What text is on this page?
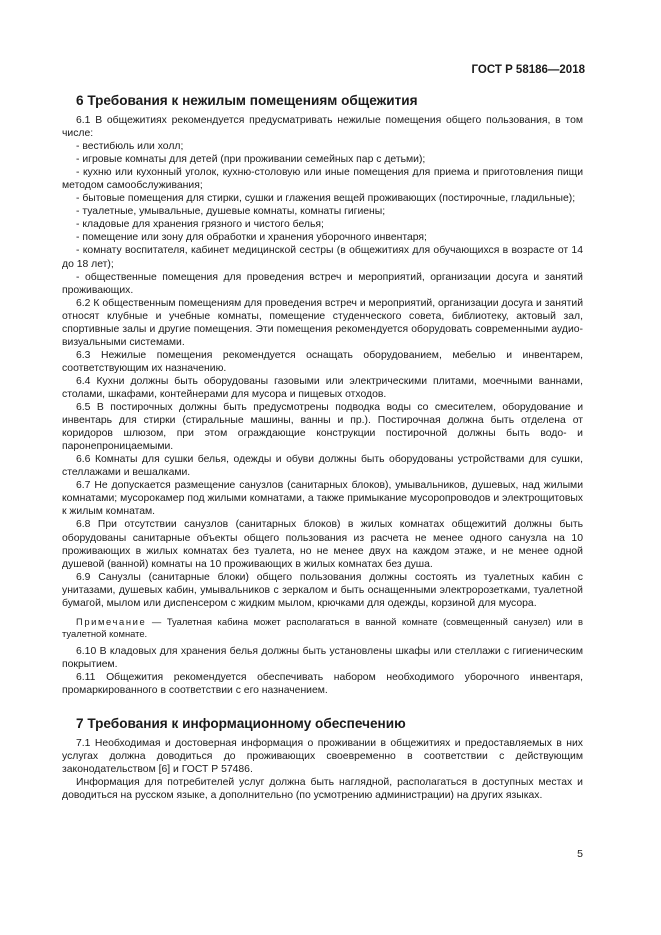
ГОСТ Р 58186—2018
6 Требования к нежилым помещениям общежития

6.1 В общежитиях рекомендуется предусматривать нежилые помещения общего пользования, в том числе:

- вестибюль или холл;

- игровые комнаты для детей (при проживании семейных пар с детьми);

- кухню или кухонный уголок, кухню-столовую или иные помещения для приема и приготовления пищи методом самообслуживания;

- бытовые помещения для стирки, сушки и глажения вещей проживающих (постирочные, гладильные);

- туалетные, умывальные, душевые комнаты, комнаты гигиены;

- кладовые для хранения грязного и чистого белья;

- помещение или зону для обработки и хранения уборочного инвентаря;

- комнату воспитателя, кабинет медицинской сестры (в общежитиях для обучающихся в возрасте от 14 до 18 лет);

- общественные помещения для проведения встреч и мероприятий, организации досуга и занятий проживающих.

6.2 К общественным помещениям для проведения встреч и мероприятий, организации досуга и занятий относят клубные и учебные комнаты, помещение студенческого совета, библиотеку, актовый зал, спортивные залы и другие помещения. Эти помещения рекомендуется оборудовать современными аудио-визуальными системами.

6.3 Нежилые помещения рекомендуется оснащать оборудованием, мебелью и инвентарем, соответствующим их назначению.

6.4 Кухни должны быть оборудованы газовыми или электрическими плитами, моечными ваннами, столами, шкафами, контейнерами для мусора и пищевых отходов.

6.5 В постирочных должны быть предусмотрены подводка воды со смесителем, оборудование и инвентарь для стирки (стиральные машины, ванны и пр.). Постирочная должна быть отделена от коридоров шлюзом, при этом ограждающие конструкции постирочной должны быть водо- и паронепроницаемыми.

6.6 Комнаты для сушки белья, одежды и обуви должны быть оборудованы устройствами для сушки, стеллажами и вешалками.

6.7 Не допускается размещение санузлов (санитарных блоков), умывальников, душевых, над жилыми комнатами; мусорокамер под жилыми комнатами, а также примыкание мусоропроводов и электрощитовых к жилым комнатам.

6.8 При отсутствии санузлов (санитарных блоков) в жилых комнатах общежитий должны быть оборудованы санитарные объекты общего пользования из расчета не менее одного санузла на 10 проживающих в жилых комнатах без туалета, но не менее двух на каждом этаже, и не менее одной душевой (ванной) комнаты на 10 проживающих в жилых комнатах без душа.

6.9 Санузлы (санитарные блоки) общего пользования должны состоять из туалетных кабин с унитазами, душевых кабин, умывальников с зеркалом и быть оснащенными электророзетками, туалетной бумагой, мылом или диспенсером с жидким мылом, крючками для одежды, корзиной для мусора.

Примечание — Туалетная кабина может располагаться в ванной комнате (совмещенный санузел) или в туалетной комнате.

6.10 В кладовых для хранения белья должны быть установлены шкафы или стеллажи с гигиеническим покрытием.

6.11 Общежития рекомендуется обеспечивать набором необходимого уборочного инвентаря, промаркированного в соответствии с его назначением.

7 Требования к информационному обеспечению

7.1 Необходимая и достоверная информация о проживании в общежитиях и предоставляемых в них услугах должна доводиться до проживающих своевременно в соответствии с действующим законодательством [6] и ГОСТ Р 57486.

Информация для потребителей услуг должна быть наглядной, располагаться в доступных местах и доводиться на русском языке, а дополнительно (по усмотрению администрации) на других языках.

5
